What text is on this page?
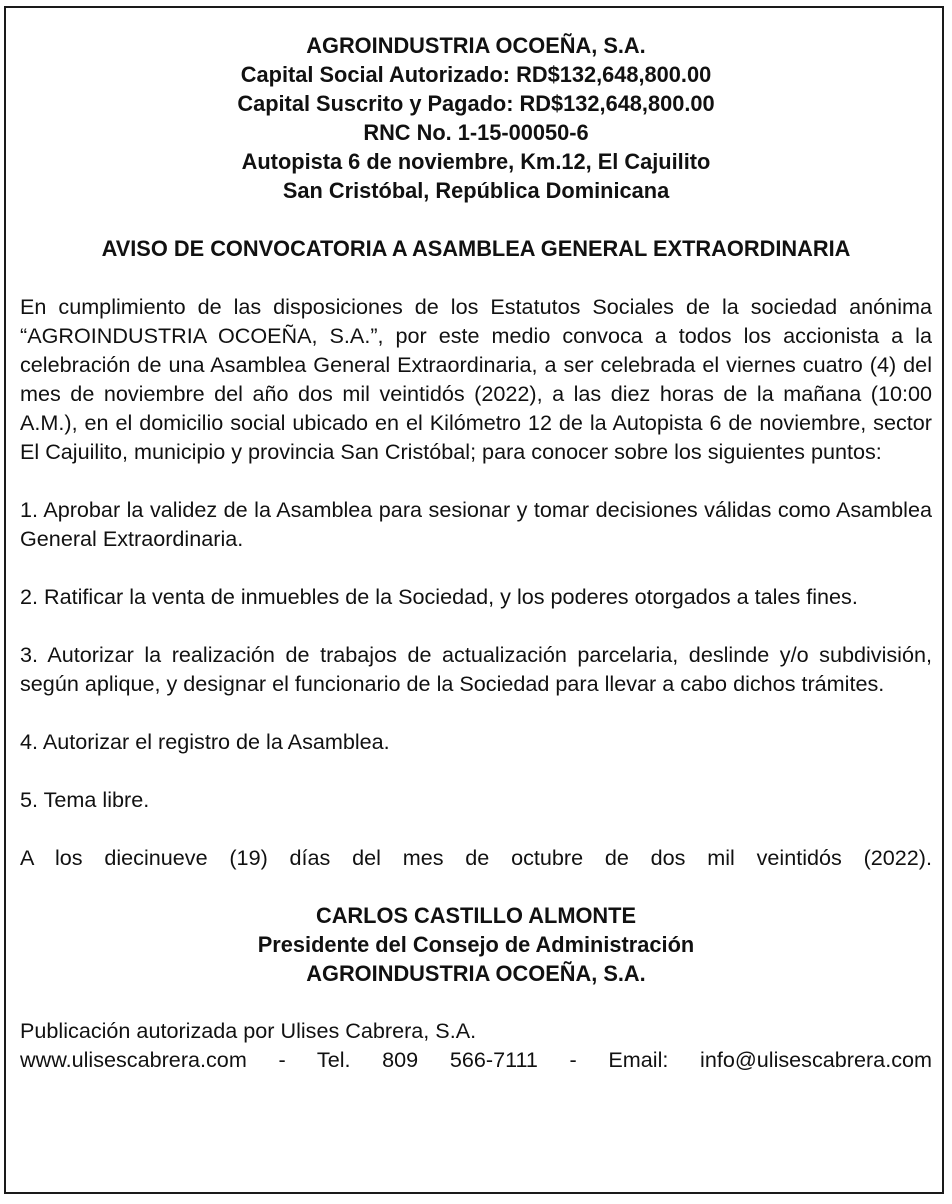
AGROINDUSTRIA OCOEÑA, S.A.
Capital Social Autorizado: RD$132,648,800.00
Capital Suscrito y Pagado: RD$132,648,800.00
RNC No. 1-15-00050-6
Autopista 6 de noviembre, Km.12, El Cajuilito
San Cristóbal, República Dominicana
AVISO DE CONVOCATORIA A ASAMBLEA GENERAL EXTRAORDINARIA
En cumplimiento de las disposiciones de los Estatutos Sociales de la sociedad anónima “AGROINDUSTRIA OCOEÑA, S.A.”, por este medio convoca a todos los accionista a la celebración de una Asamblea General Extraordinaria, a ser celebrada el viernes cuatro (4) del mes de noviembre del año dos mil veintidós (2022), a las diez horas de la mañana (10:00 A.M.), en el domicilio social ubicado en el Kilómetro 12 de la Autopista 6 de noviembre, sector El Cajuilito, municipio y provincia San Cristóbal; para conocer sobre los siguientes puntos:
1. Aprobar la validez de la Asamblea para sesionar y tomar decisiones válidas como Asamblea General Extraordinaria.
2. Ratificar la venta de inmuebles de la Sociedad, y los poderes otorgados a tales fines.
3. Autorizar la realización de trabajos de actualización parcelaria, deslinde y/o subdivisión, según aplique, y designar el funcionario de la Sociedad para llevar a cabo dichos trámites.
4. Autorizar el registro de la Asamblea.
5. Tema libre.
A los diecinueve (19) días del mes de octubre de dos mil veintidós (2022).
CARLOS CASTILLO ALMONTE
Presidente del Consejo de Administración
AGROINDUSTRIA OCOEÑA, S.A.
Publicación autorizada por Ulises Cabrera, S.A.
www.ulisescabrera.com - Tel. 809 566-7111 - Email: info@ulisescabrera.com
